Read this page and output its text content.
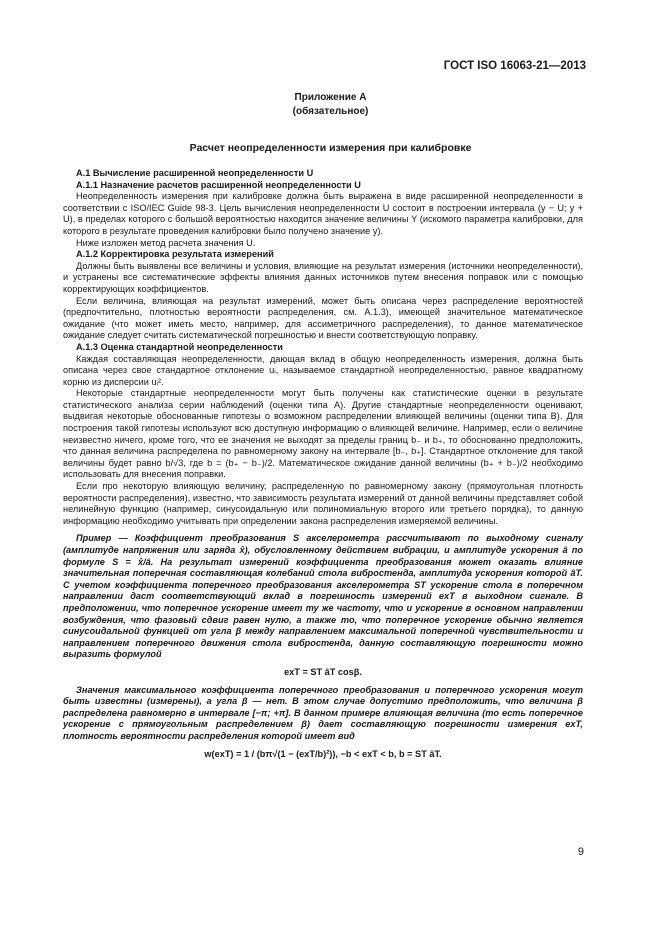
ГОСТ ISO 16063-21—2013
Приложение А
(обязательное)
Расчет неопределенности измерения при калибровке

А.1 Вычисление расширенной неопределенности U

А.1.1 Назначение расчетов расширенной неопределенности U

Неопределенность измерения при калибровке должна быть выражена в виде расширенной неопределенности в соответствии с ISO/IEC Guide 98-3. Цель вычисления неопределенности U состоит в построении интервала (y − U; y + U), в пределах которого с большой вероятностью находится значение величины Y (искомого параметра калибровки, для которого в результате проведения калибровки было получено значение y).

Ниже изложен метод расчета значения U.

А.1.2 Корректировка результата измерений

Должны быть выявлены все величины и условия, влияющие на результат измерения (источники неопределенности), и устранены все систематические эффекты влияния данных источников путем внесения поправок или с помощью корректирующих коэффициентов.

Если величина, влияющая на результат измерений, может быть описана через распределение вероятностей (предпочтительно, плотностью вероятности распределения, см. А.1.3), имеющей значительное математическое ожидание (что может иметь место, например, для ассиметричного распределения), то данное математическое ожидание следует считать систематической погрешностью и внести соответствующую поправку.

А.1.3 Оценка стандартной неопределенности

Каждая составляющая неопределенности, дающая вклад в общую неопределенность измерения, должна быть описана через свое стандартное отклонение uᵢ, называемое стандартной неопределенностью, равное квадратному корню из дисперсии uᵢ².

Некоторые стандартные неопределенности могут быть получены как статистические оценки в результате статистического анализа серии наблюдений (оценки типа А). Другие стандартные неопределенности оценивают, выдвигая некоторые обоснованные гипотезы о возможном распределении влияющей величины (оценки типа В). Для построения такой гипотезы используют всю доступную информацию о влияющей величине. Например, если о величине неизвестно ничего, кроме того, что ее значения не выходят за пределы границ b₋ и b₊, то обоснованно предположить, что данная величина распределена по равномерному закону на интервале [b₋, b₊]. Стандартное отклонение для такой величины будет равно b/√3, где b = (b₊ − b₋)/2. Математическое ожидание данной величины (b₊ + b₋)/2 необходимо использовать для внесения поправки.

Если про некоторую влияющую величину, распределенную по равномерному закону (прямоугольная плотность вероятности распределения), известно, что зависимость результата измерений от данной величины представляет собой нелинейную функцию (например, синусоидальную или полиномиальную второго или третьего порядка), то данную информацию необходимо учитывать при определении закона распределения измеряемой величины.

Пример — Коэффициент преобразования S акселерометра рассчитывают по выходному сигналу (амплитуде напряжения или заряда x̂), обусловленному действием вибрации, и амплитуде ускорения â по формуле S = x̂/â. На результат измерений коэффициента преобразования может оказать влияние значительная поперечная составляющая колебаний стола вибростенда, амплитуда ускорения которой âT. С учетом коэффициента поперечного преобразования акселерометра ST ускорение стола в поперечном направлении даст соответствующий вклад в погрешность измерений exT в выходном сигнале. В предположении, что поперечное ускорение имеет ту же частоту, что и ускорение в основном направлении возбуждения, что фазовый сдвиг равен нулю, а также то, что поперечное ускорение обычно является синусоидальной функцией от угла β между направлением максимальной поперечной чувствительности и направлением поперечного движения стола вибростенда, данную составляющую погрешности можно выразить формулой

exT = ST âT cosβ.

Значения максимального коэффициента поперечного преобразования и поперечного ускорения могут быть известны (измерены), а угла β — нет. В этом случае допустимо предположить, что величина β распределена равномерно в интервале [−π; +π]. В данном примере влияющая величина (то есть поперечное ускорение с прямоугольным распределением β) дает составляющую погрешности измерения exT, плотность вероятности распределения которой имеет вид

w(exT) = 1 / (bπ√(1 − (exT/b)²)), −b < exT < b, b = ST âT.

9
